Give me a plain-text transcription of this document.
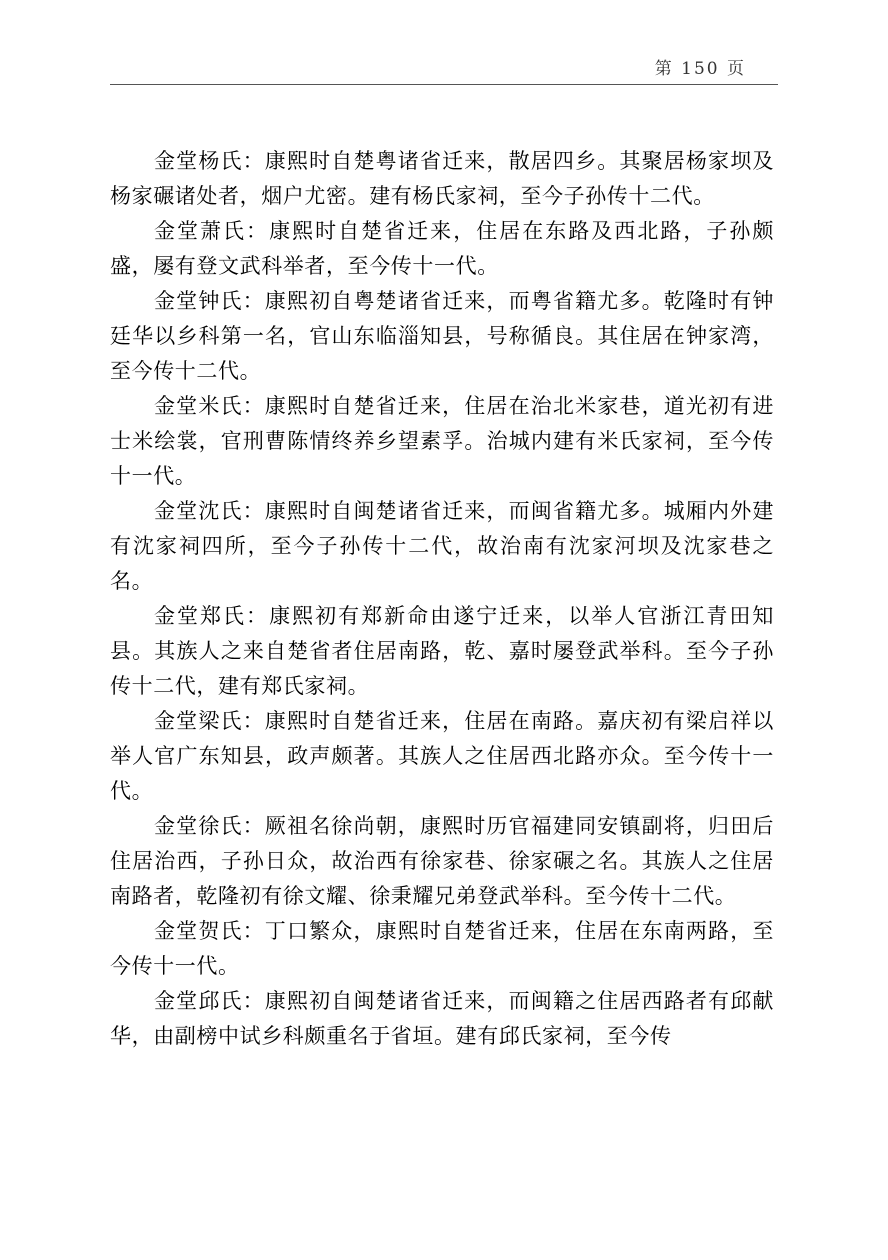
第 150 页

金堂杨氏：康熙时自楚粤诸省迁来，散居四乡。其聚居杨家坝及杨家碾诸处者，烟户尤密。建有杨氏家祠，至今子孙传十二代。

金堂萧氏：康熙时自楚省迁来，住居在东路及西北路，子孙颇盛，屡有登文武科举者，至今传十一代。

金堂钟氏：康熙初自粤楚诸省迁来，而粤省籍尤多。乾隆时有钟廷华以乡科第一名，官山东临淄知县，号称循良。其住居在钟家湾，至今传十二代。

金堂米氏：康熙时自楚省迁来，住居在治北米家巷，道光初有进士米绘裳，官刑曹陈情终养乡望素孚。治城内建有米氏家祠，至今传十一代。

金堂沈氏：康熙时自闽楚诸省迁来，而闽省籍尤多。城厢内外建有沈家祠四所，至今子孙传十二代，故治南有沈家河坝及沈家巷之名。

金堂郑氏：康熙初有郑新命由遂宁迁来，以举人官浙江青田知县。其族人之来自楚省者住居南路，乾、嘉时屡登武举科。至今子孙传十二代，建有郑氏家祠。

金堂梁氏：康熙时自楚省迁来，住居在南路。嘉庆初有梁启祥以举人官广东知县，政声颇著。其族人之住居西北路亦众。至今传十一代。

金堂徐氏：厥祖名徐尚朝，康熙时历官福建同安镇副将，归田后住居治西，子孙日众，故治西有徐家巷、徐家碾之名。其族人之住居南路者，乾隆初有徐文耀、徐秉耀兄弟登武举科。至今传十二代。

金堂贺氏：丁口繁众，康熙时自楚省迁来，住居在东南两路，至今传十一代。

金堂邱氏：康熙初自闽楚诸省迁来，而闽籍之住居西路者有邱献华，由副榜中试乡科颇重名于省垣。建有邱氏家祠，至今传
